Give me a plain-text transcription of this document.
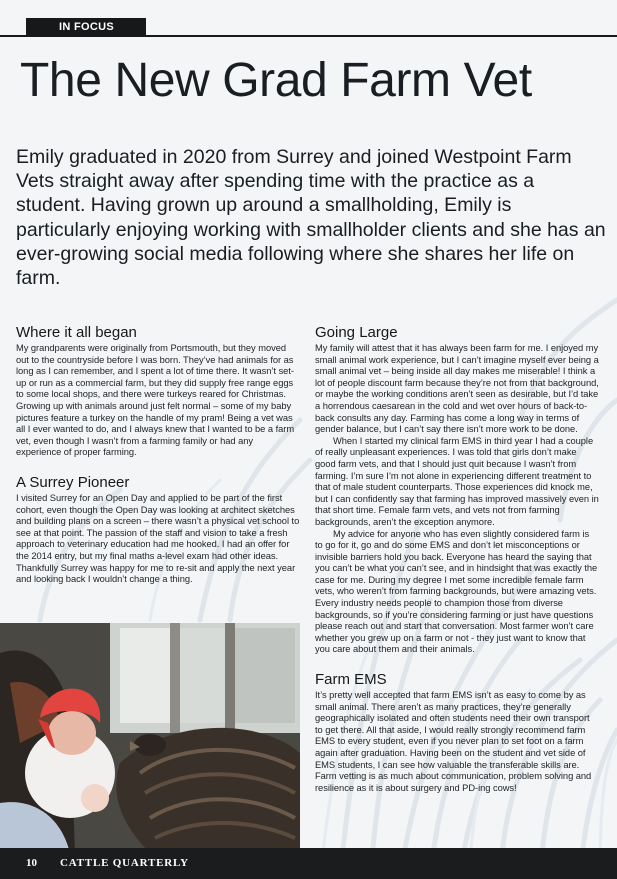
IN FOCUS
The New Grad Farm Vet

Emily graduated in 2020 from Surrey and joined Westpoint Farm Vets straight away after spending time with the practice as a student. Having grown up around a smallholding, Emily is particularly enjoying working with smallholder clients and she has an ever-growing social media following where she shares her life on farm.

Where it all began

My grandparents were originally from Portsmouth, but they moved out to the countryside before I was born. They’ve had animals for as long as I can remember, and I spent a lot of time there. It wasn’t set-up or run as a commercial farm, but they did supply free range eggs to some local shops, and there were turkeys reared for Christmas. Growing up with animals around just felt normal – some of my baby pictures feature a turkey on the handle of my pram! Being a vet was all I ever wanted to do, and I always knew that I wanted to be a farm vet, even though I wasn’t from a farming family or had any experience of proper farming.

A Surrey Pioneer

I visited Surrey for an Open Day and applied to be part of the first cohort, even though the Open Day was looking at architect sketches and building plans on a screen – there wasn’t a physical vet school to see at that point. The passion of the staff and vision to take a fresh approach to veterinary education had me hooked. I had an offer for the 2014 entry, but my final maths a-level exam had other ideas. Thankfully Surrey was happy for me to re-sit and apply the next year and looking back I wouldn’t change a thing.

Going Large

My family will attest that it has always been farm for me. I enjoyed my small animal work experience, but I can’t imagine myself ever being a small animal vet – being inside all day makes me miserable! I think a lot of people discount farm because they’re not from that background, or maybe the working conditions aren’t seen as desirable, but I’d take a horrendous caesarean in the cold and wet over hours of back-to-back consults any day. Farming has come a long way in terms of gender balance, but I can’t say there isn’t more work to be done.

When I started my clinical farm EMS in third year I had a couple of really unpleasant experiences. I was told that girls don’t make good farm vets, and that I should just quit because I wasn’t from farming. I’m sure I’m not alone in experiencing different treatment to that of male student counterparts. Those experiences did knock me, but I can confidently say that farming has improved massively even in that short time. Female farm vets, and vets not from farming backgrounds, aren’t the exception anymore.

My advice for anyone who has even slightly considered farm is to go for it, go and do some EMS and don’t let misconceptions or invisible barriers hold you back. Everyone has heard the saying that you can’t be what you can’t see, and in hindsight that was exactly the case for me. During my degree I met some incredible female farm vets, who weren’t from farming backgrounds, but were amazing vets. Every industry needs people to champion those from diverse backgrounds, so if you’re considering farming or just have questions please reach out and start that conversation. Most farmer won’t care whether you grew up on a farm or not - they just want to know that you care about them and their animals.

Farm EMS

It’s pretty well accepted that farm EMS isn’t as easy to come by as small animal. There aren’t as many practices, they’re generally geographically isolated and often students need their own transport to get there. All that aside, I would really strongly recommend farm EMS to every student, even if you never plan to set foot on a farm again after graduation. Having been on the student and vet side of EMS students, I can see how valuable the transferable skills are. Farm vetting is as much about communication, problem solving and resilience as it is about surgery and PD-ing cows!

10 CATTLE QUARTERLY
